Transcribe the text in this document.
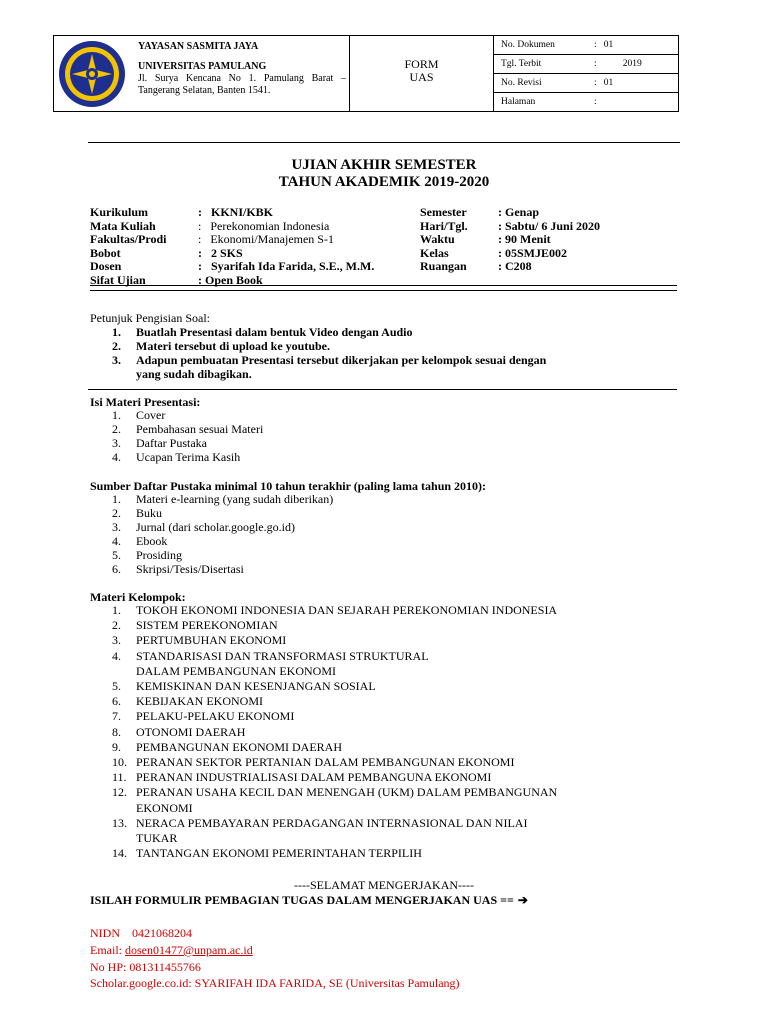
YAYASAN SASMITA JAYA
UNIVERSITAS PAMULANG
Jl. Surya Kencana No 1. Pamulang Barat – Tangerang Selatan, Banten 1541.

FORM
UAS

No. Dokumen	:   01
Tgl. Terbit	:           2019
No. Revisi	:   01
Halaman	:
UJIAN AKHIR SEMESTER
TAHUN AKADEMIK 2019-2020
Kurikulum	:   KKNI/KBK
Mata Kuliah	:   Perekonomian Indonesia
Fakultas/Prodi	:   Ekonomi/Manajemen S-1
Bobot	:   2 SKS
Dosen	:   Syarifah Ida Farida, S.E., M.M.
Sifat Ujian	: Open Book
Semester	: Genap
Hari/Tgl.	: Sabtu/ 6 Juni 2020
Waktu	: 90 Menit
Kelas	: 05SMJE002
Ruangan	: C208
Petunjuk Pengisian Soal:
1. Buatlah Presentasi dalam bentuk Video dengan Audio
2. Materi tersebut di upload ke youtube.
3. Adapun pembuatan Presentasi tersebut dikerjakan per kelompok sesuai dengan
yang sudah dibagikan.
Isi Materi Presentasi:
1. Cover
2. Pembahasan sesuai Materi
3. Daftar Pustaka
4. Ucapan Terima Kasih
Sumber Daftar Pustaka minimal 10 tahun terakhir (paling lama tahun 2010):
1. Materi e-learning (yang sudah diberikan)
2. Buku
3. Jurnal (dari scholar.google.go.id)
4. Ebook
5. Prosiding
6. Skripsi/Tesis/Disertasi
Materi Kelompok:
1. TOKOH EKONOMI INDONESIA DAN SEJARAH PEREKONOMIAN INDONESIA
2. SISTEM PEREKONOMIAN
3. PERTUMBUHAN EKONOMI
4. STANDARISASI DAN TRANSFORMASI STRUKTURAL
DALAM PEMBANGUNAN EKONOMI
5. KEMISKINAN DAN KESENJANGAN SOSIAL
6. KEBIJAKAN EKONOMI
7. PELAKU-PELAKU EKONOMI
8. OTONOMI DAERAH
9. PEMBANGUNAN EKONOMI DAERAH
10. PERANAN SEKTOR PERTANIAN DALAM PEMBANGUNAN EKONOMI
11. PERANAN INDUSTRIALISASI DALAM PEMBANGUNA EKONOMI
12. PERANAN USAHA KECIL DAN MENENGAH (UKM) DALAM PEMBANGUNAN
EKONOMI
13. NERACA PEMBAYARAN PERDAGANGAN INTERNASIONAL DAN NILAI
TUKAR
14. TANTANGAN EKONOMI PEMERINTAHAN TERPILIH
----SELAMAT MENGERJAKAN----
ISILAH FORMULIR PEMBAGIAN TUGAS DALAM MENGERJAKAN UAS == ➔
NIDN    0421068204
Email: dosen01477@unpam.ac.id
No HP: 081311455766
Scholar.google.co.id: SYARIFAH IDA FARIDA, SE (Universitas Pamulang)
